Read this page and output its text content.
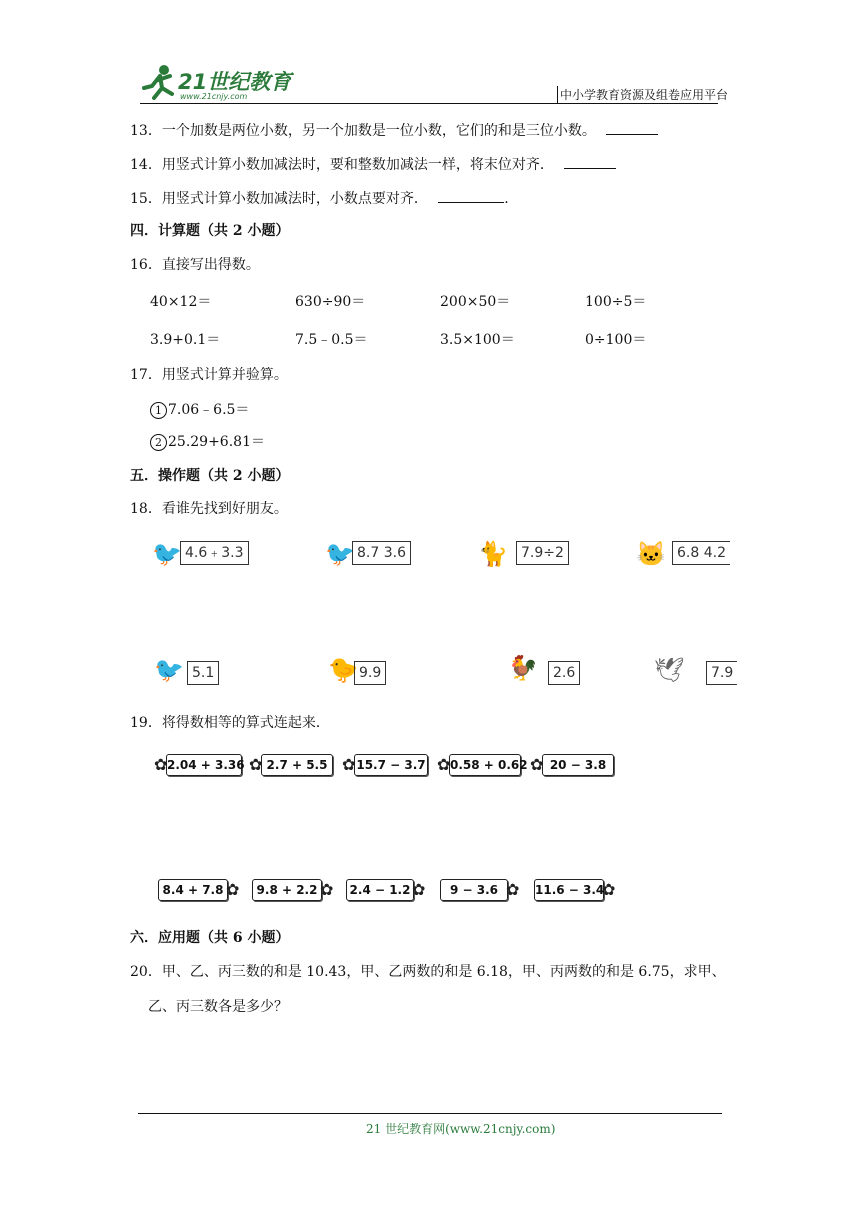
21世纪教育
www.21cnjy.com	中小学教育资源及组卷应用平台
13．一个加数是两位小数，另一个加数是一位小数，它们的和是三位小数。
14．用竖式计算小数加减法时，要和整数加减法一样，将末位对齐．
15．用竖式计算小数加减法时，小数点要对齐．	.
四．计算题（共 2 小题）
16．直接写出得数。
40×12＝	630÷90＝	200×50＝	100÷5＝
3.9+0.1＝	7.5﹣0.5＝	3.5×100＝	0÷100＝
17．用竖式计算并验算。
1 7.06﹣6.5＝
2 25.29+6.81＝
五．操作题（共 2 小题）
18．看谁先找到好朋友。
🐦 4.6﹢3.3	🐦 8.7 3.6	🐈 7.9÷2	🐱 6.8 4.2
🐦 5.1	🐤 9.9	🐓	2.6	🕊	7.9
19．将得数相等的算式连起来．
✿ 2.04 + 3.36 ✿ 2.7 + 5.5 ✿ 15.7 − 3.7 ✿ 0.58 + 0.62 ✿ 20 − 3.8
8.4 + 7.8 ✿	9.8 + 2.2 ✿ 2.4 − 1.2 ✿	9 − 3.6 ✿ 11.6 − 3.4
✿
六．应用题（共 6 小题）
20．甲、乙、丙三数的和是 10.43，甲、乙两数的和是 6.18，甲、丙两数的和是 6.75，求甲、
乙、丙三数各是多少？
21 世纪教育网(www.21cnjy.com)
